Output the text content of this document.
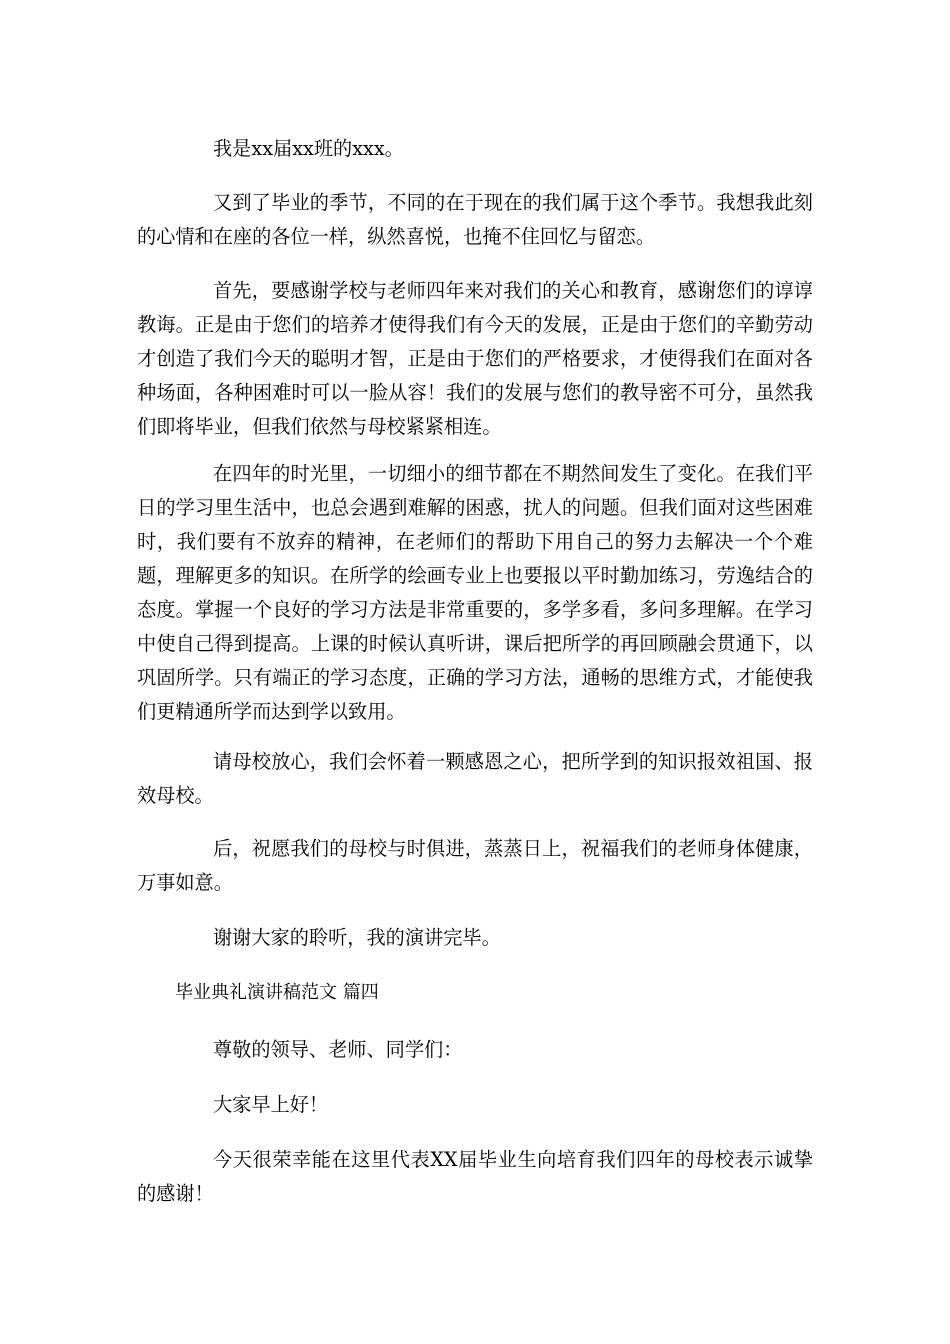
我是xx届xx班的xxx。

又到了毕业的季节，不同的在于现在的我们属于这个季节。我想我此刻的心情和在座的各位一样，纵然喜悦，也掩不住回忆与留恋。

首先，要感谢学校与老师四年来对我们的关心和教育，感谢您们的谆谆教诲。正是由于您们的培养才使得我们有今天的发展，正是由于您们的辛勤劳动才创造了我们今天的聪明才智，正是由于您们的严格要求，才使得我们在面对各种场面，各种困难时可以一脸从容！我们的发展与您们的教导密不可分，虽然我们即将毕业，但我们依然与母校紧紧相连。

在四年的时光里，一切细小的细节都在不期然间发生了变化。在我们平日的学习里生活中，也总会遇到难解的困惑，扰人的问题。但我们面对这些困难时，我们要有不放弃的精神，在老师们的帮助下用自己的努力去解决一个个难题，理解更多的知识。在所学的绘画专业上也要报以平时勤加练习，劳逸结合的态度。掌握一个良好的学习方法是非常重要的，多学多看，多问多理解。在学习中使自己得到提高。上课的时候认真听讲，课后把所学的再回顾融会贯通下，以巩固所学。只有端正的学习态度，正确的学习方法，通畅的思维方式，才能使我们更精通所学而达到学以致用。

请母校放心，我们会怀着一颗感恩之心，把所学到的知识报效祖国、报效母校。

后，祝愿我们的母校与时俱进，蒸蒸日上，祝福我们的老师身体健康，万事如意。

谢谢大家的聆听，我的演讲完毕。

毕业典礼演讲稿范文 篇四

尊敬的领导、老师、同学们：

大家早上好！

今天很荣幸能在这里代表XX届毕业生向培育我们四年的母校表示诚挚的感谢！
